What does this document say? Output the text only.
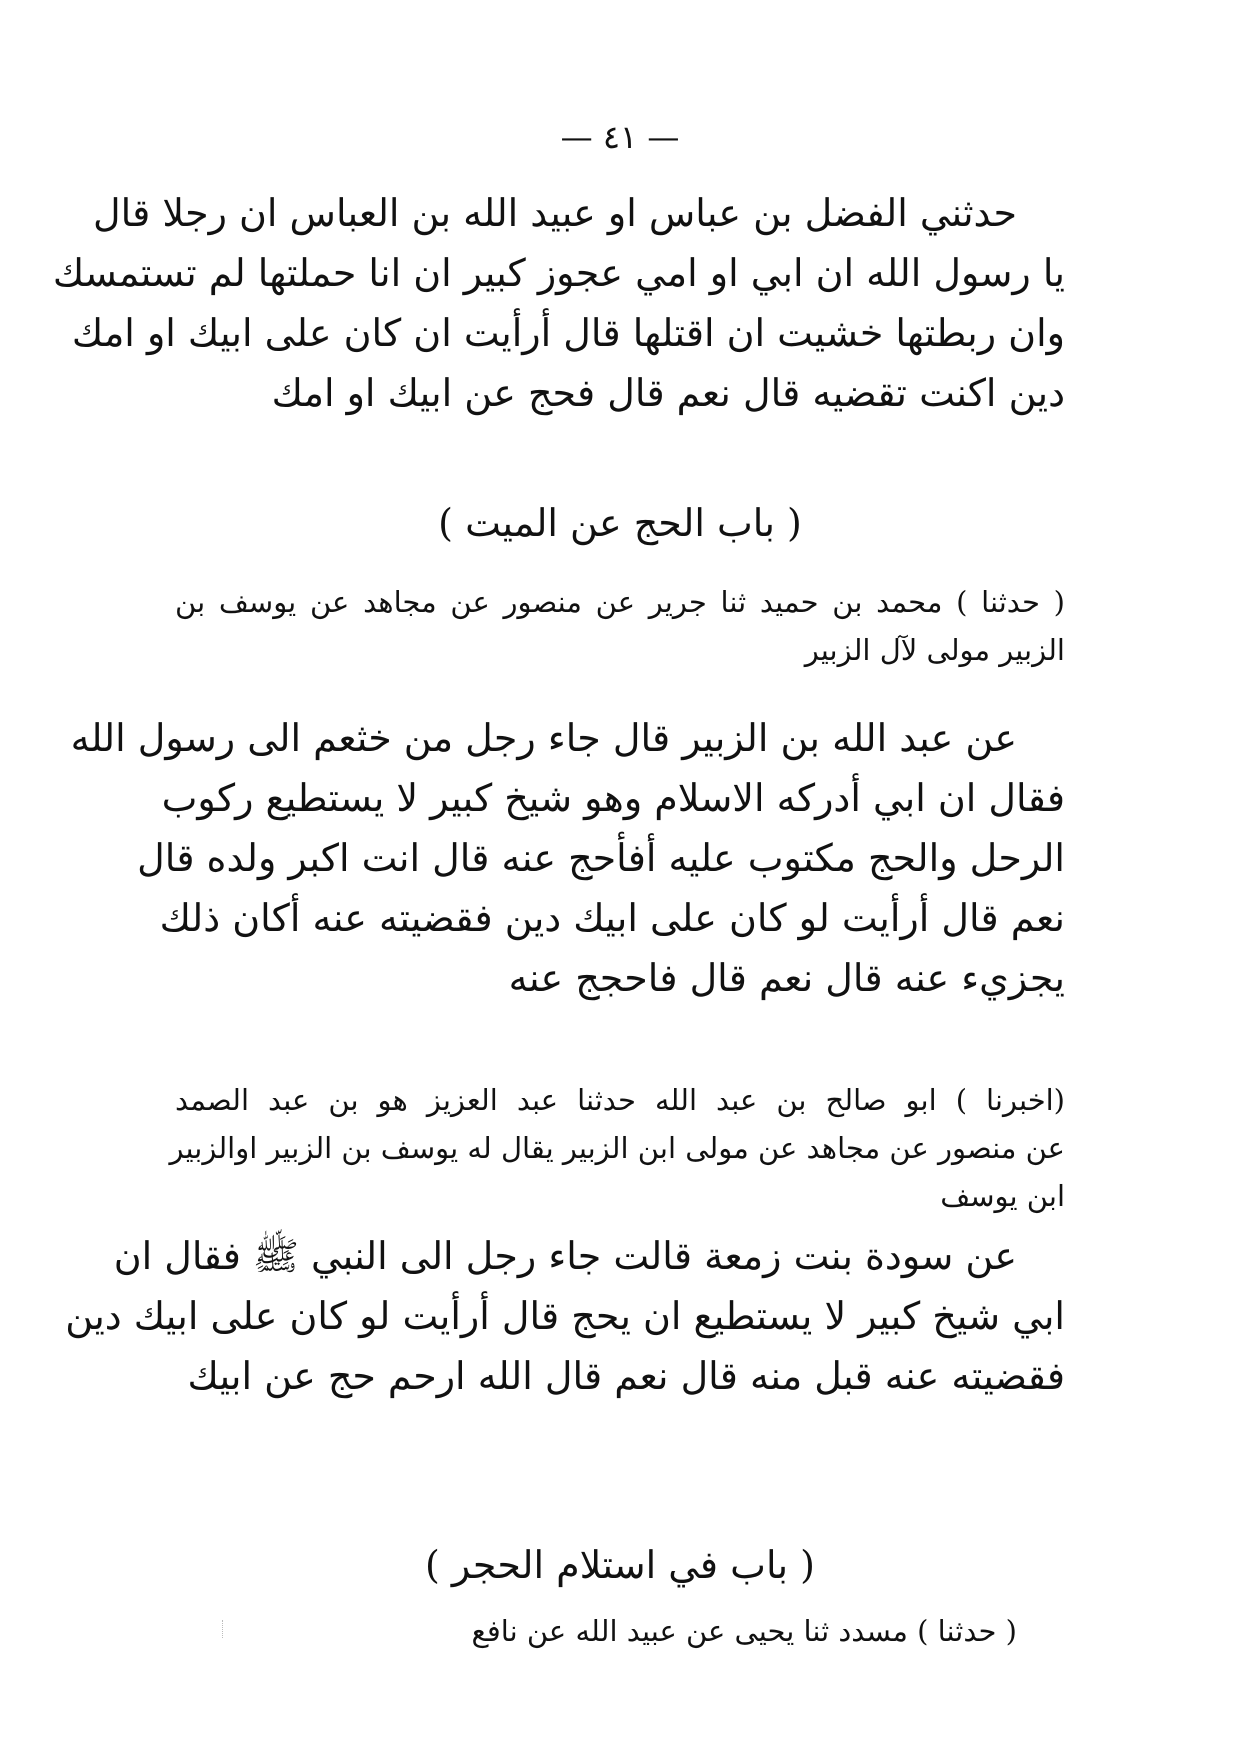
— ٤١ —
حدثني الفضل بن عباس او عبيد الله بن العباس ان رجلا قال
يا رسول الله ان ابي او امي عجوز كبير ان انا حملتها لم تستمسك
وان ربطتها خشيت ان اقتلها قال أرأيت ان كان على ابيك او امك
دين اكنت تقضيه قال نعم قال فحج عن ابيك او امك
( باب الحج عن الميت )
( حدثنا ) محمد بن حميد ثنا جرير عن منصور عن مجاهد عن يوسف بن
الزبير مولى لآل الزبير
عن عبد الله بن الزبير قال جاء رجل من خثعم الى رسول الله
فقال ان ابي أدركه الاسلام وهو شيخ كبير لا يستطيع ركوب
الرحل والحج مكتوب عليه أفأحج عنه قال انت اكبر ولده قال
نعم قال أرأيت لو كان على ابيك دين فقضيته عنه أكان ذلك
يجزيء عنه قال نعم قال فاحجج عنه
(اخبرنا ) ابو صالح بن عبد الله حدثنا عبد العزيز هو بن عبد الصمد
عن منصور عن مجاهد عن مولى ابن الزبير يقال له يوسف بن الزبير اوالزبير
ابن يوسف
عن سودة بنت زمعة قالت جاء رجل الى النبي ﷺ فقال ان
ابي شيخ كبير لا يستطيع ان يحج قال أرأيت لو كان على ابيك دين
فقضيته عنه قبل منه قال نعم قال الله ارحم حج عن ابيك
( باب في استلام الحجر )
( حدثنا ) مسدد ثنا يحيى عن عبيد الله عن نافع
